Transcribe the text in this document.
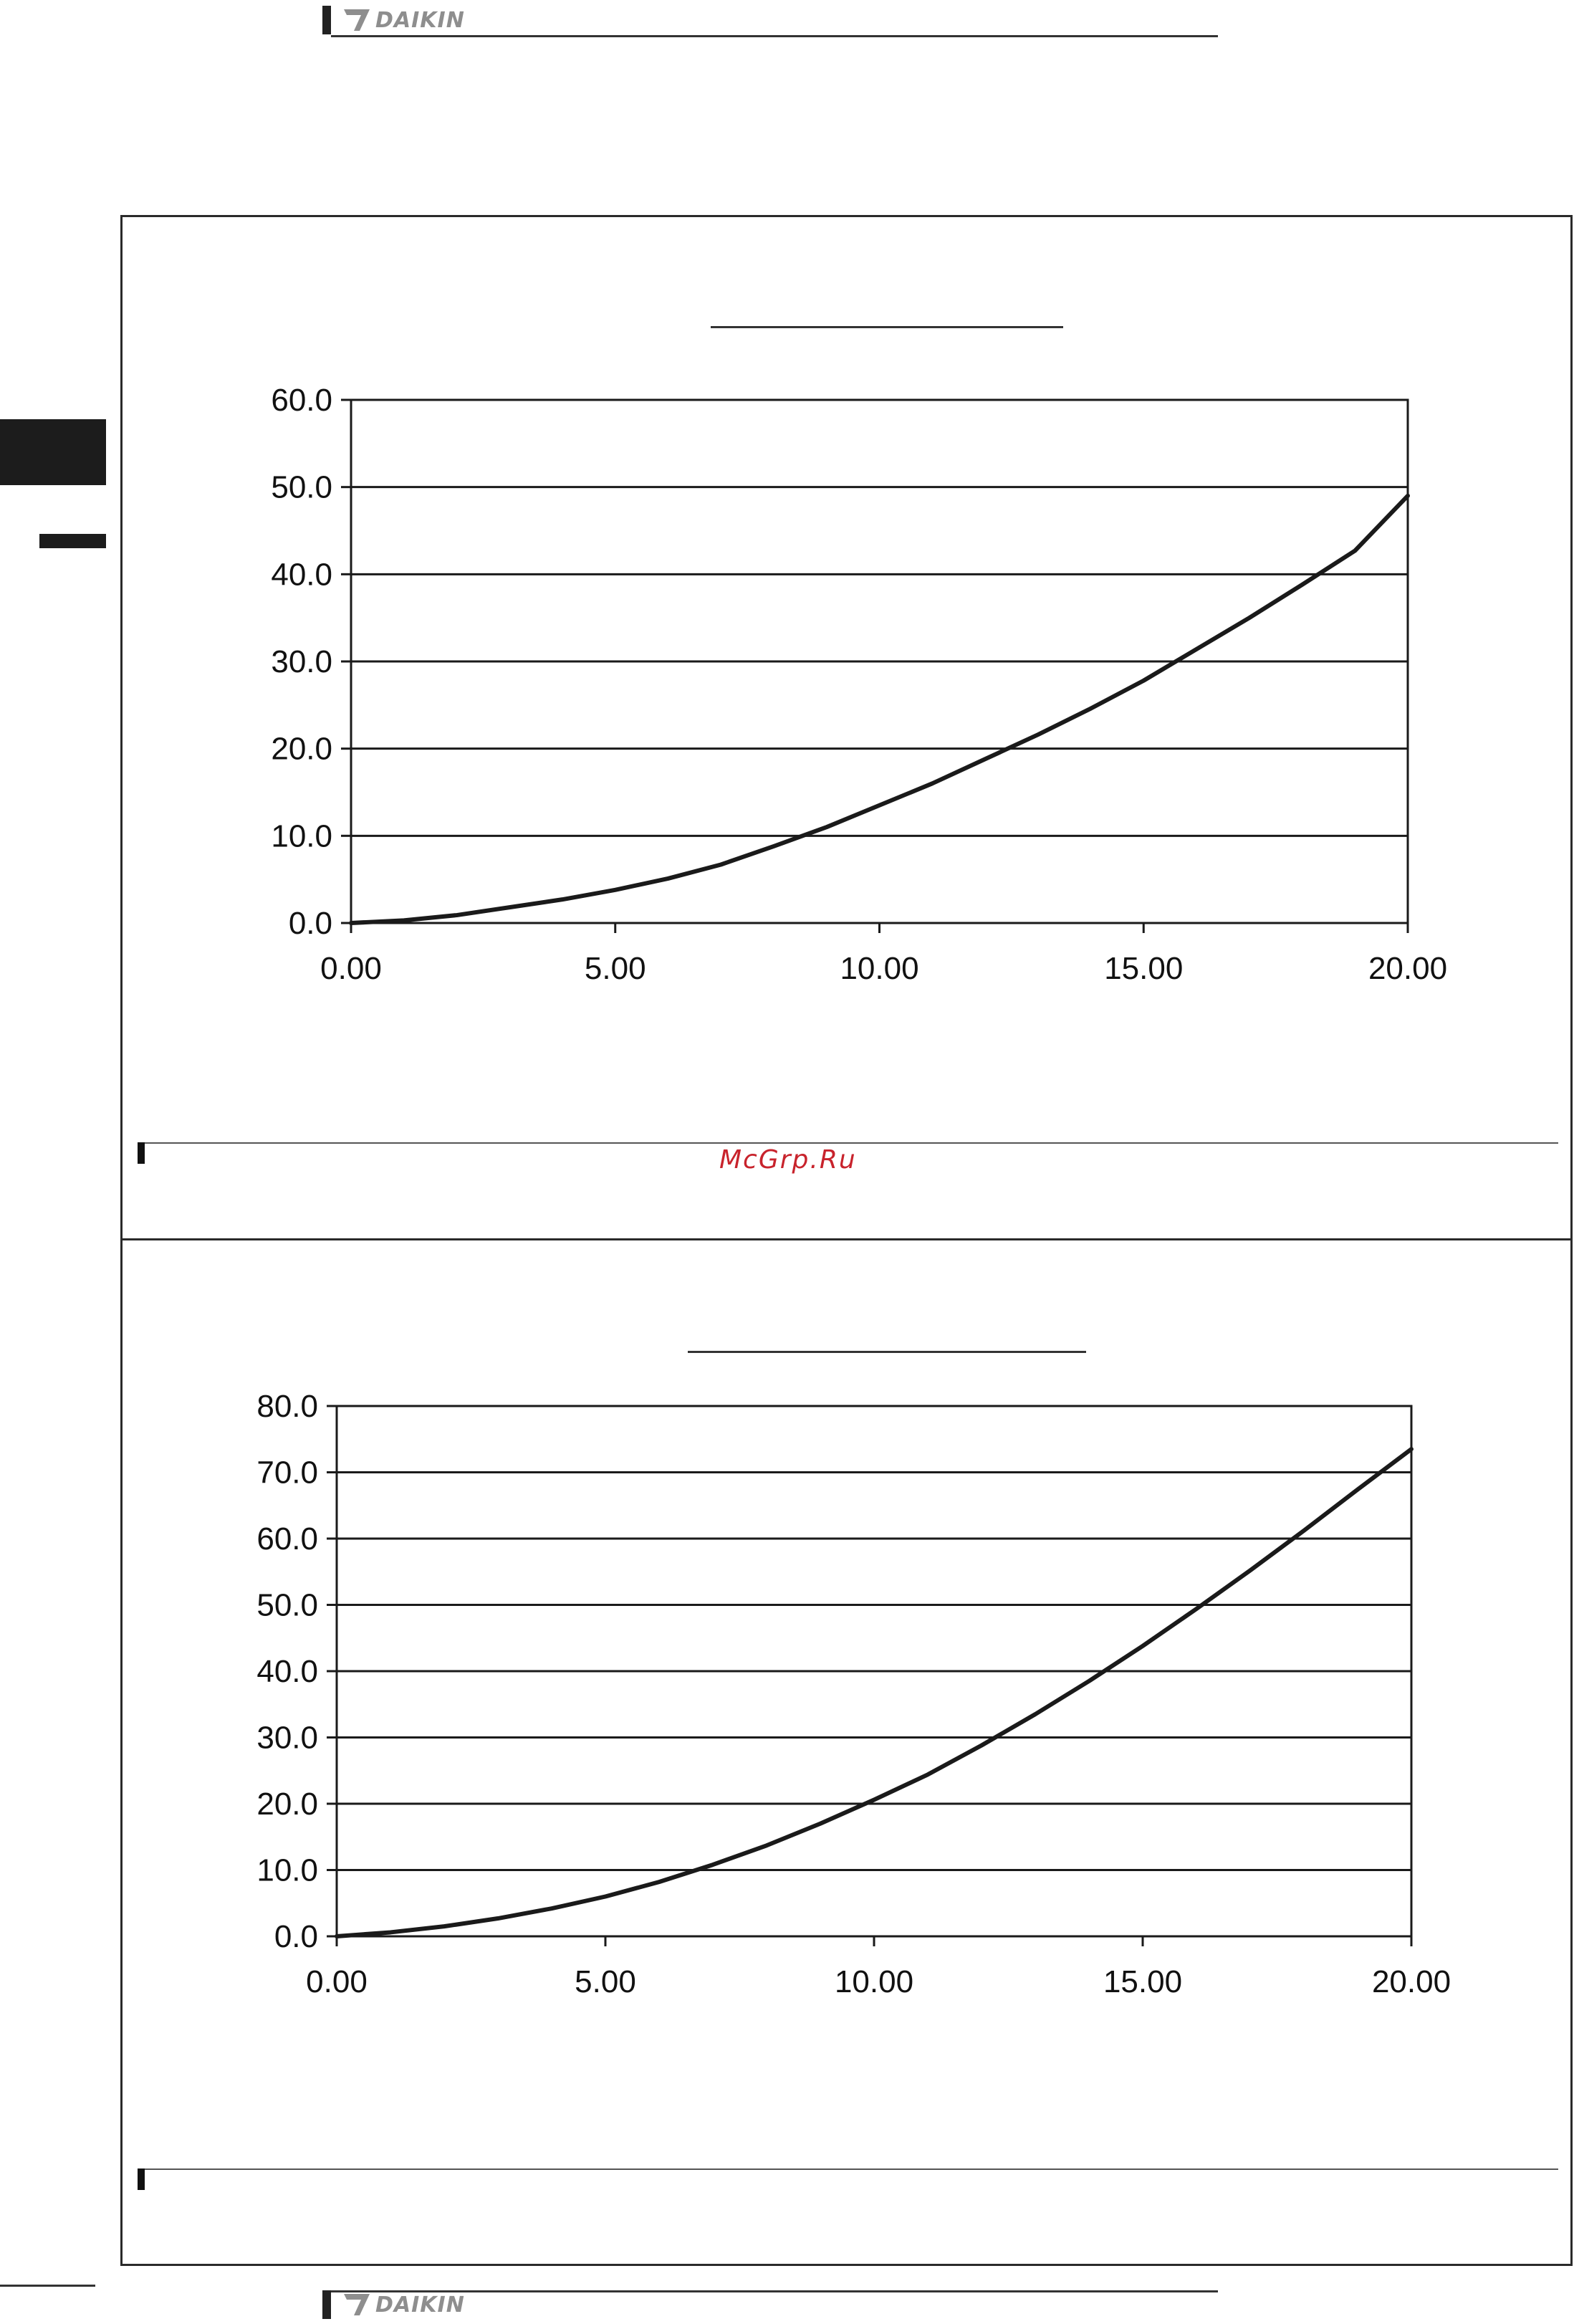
DAIKIN
0.0
10.0
20.0
30.0
40.0
50.0
60.0
0.00	5.00	10.00	15.00	20.00
McGrp.Ru
0.0
10.0
20.0
30.0
40.0
50.0
60.0
70.0
80.0
0.00	5.00	10.00	15.00	20.00
DAIKIN
